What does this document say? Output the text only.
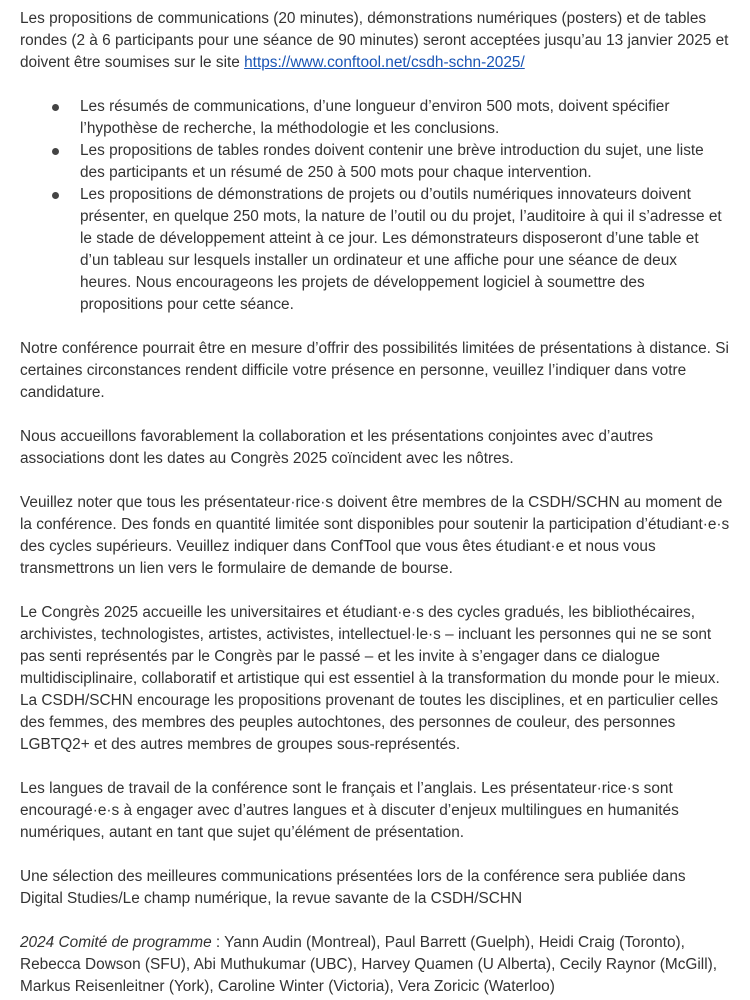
Les propositions de communications (20 minutes), démonstrations numériques (posters) et de tables rondes (2 à 6 participants pour une séance de 90 minutes) seront acceptées jusqu’au 13 janvier 2025 et doivent être soumises sur le site https://www.conftool.net/csdh-schn-2025/

Les résumés de communications, d’une longueur d’environ 500 mots, doivent spécifier l’hypothèse de recherche, la méthodologie et les conclusions.
Les propositions de tables rondes doivent contenir une brève introduction du sujet, une liste des participants et un résumé de 250 à 500 mots pour chaque intervention.
Les propositions de démonstrations de projets ou d’outils numériques innovateurs doivent présenter, en quelque 250 mots, la nature de l’outil ou du projet, l’auditoire à qui il s’adresse et le stade de développement atteint à ce jour. Les démonstrateurs disposeront d’une table et d’un tableau sur lesquels installer un ordinateur et une affiche pour une séance de deux heures. Nous encourageons les projets de développement logiciel à soumettre des propositions pour cette séance.

Notre conférence pourrait être en mesure d’offrir des possibilités limitées de présentations à distance. Si certaines circonstances rendent difficile votre présence en personne, veuillez l’indiquer dans votre candidature.

Nous accueillons favorablement la collaboration et les présentations conjointes avec d’autres associations dont les dates au Congrès 2025 coïncident avec les nôtres.

Veuillez noter que tous les présentateur·rice·s doivent être membres de la CSDH/SCHN au moment de la conférence. Des fonds en quantité limitée sont disponibles pour soutenir la participation d’étudiant·e·s des cycles supérieurs. Veuillez indiquer dans ConfTool que vous êtes étudiant·e et nous vous transmettrons un lien vers le formulaire de demande de bourse.

Le Congrès 2025 accueille les universitaires et étudiant·e·s des cycles gradués, les bibliothécaires, archivistes, technologistes, artistes, activistes, intellectuel·le·s – incluant les personnes qui ne se sont pas senti représentés par le Congrès par le passé – et les invite à s’engager dans ce dialogue multidisciplinaire, collaboratif et artistique qui est essentiel à la transformation du monde pour le mieux. La CSDH/SCHN encourage les propositions provenant de toutes les disciplines, et en particulier celles des femmes, des membres des peuples autochtones, des personnes de couleur, des personnes LGBTQ2+ et des autres membres de groupes sous-représentés.

Les langues de travail de la conférence sont le français et l’anglais. Les présentateur·rice·s sont encouragé·e·s à engager avec d’autres langues et à discuter d’enjeux multilingues en humanités numériques, autant en tant que sujet qu’élément de présentation.

Une sélection des meilleures communications présentées lors de la conférence sera publiée dans Digital Studies/Le champ numérique, la revue savante de la CSDH/SCHN

2024 Comité de programme : Yann Audin (Montreal), Paul Barrett (Guelph), Heidi Craig (Toronto), Rebecca Dowson (SFU), Abi Muthukumar (UBC), Harvey Quamen (U Alberta), Cecily Raynor (McGill), Markus Reisenleitner (York), Caroline Winter (Victoria), Vera Zoricic (Waterloo)
